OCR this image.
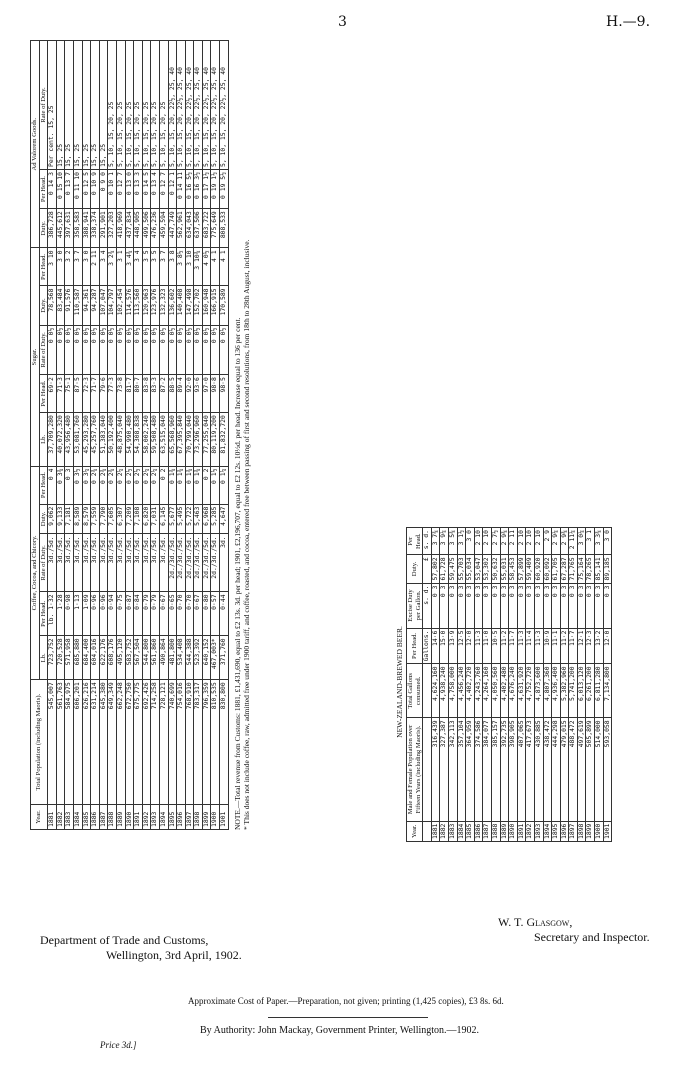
3	H.—9.
Year.	Total Population (including Maoris).	Coffee, Cocoa, and Chicory.					Sugar.					Ad Valorem Goods.		
		Lb.	Per Head.	Rate of Duty.	Duty.	Per Head.	Lb.	Per Head.	Rate of Duty.	Duty.	Per Head.	Duty.	Per Head.	Rate of Duty.
1881	545,007	723,752	lb. 1·32	3d./5d.	9,062	0 4	37,709,280	69·2	0 0½	78,568	3 10	386,728	0 14 3	Per cent. 15, 25
1882	561,763	720,528	1·28	3d./5d.	9,133	0 3¾	40,072,320	71·3	0 0½	83,484	3 0	445,612	0 15 10	15, 25
1883	584,975	571,958	0·98	3d./5d.	7,181	0 3	43,956,480	75·1	0 0½	91,576	3 2	397,631	0 13 7	15, 25
1884	606,201	685,880	1·13	3d./5d.	8,589	0 3½	53,081,760	87·5	0 0½	110,587	3 7	358,583	0 11 10	15, 25
1885	626,216	684,400	1·09	3d./5d.	8,579	0 3¼	45,293,280	72·3	0 0½	94,361	3 0	388,941	0 12 5	15, 25
1886	631,214	604,016	0·96	3d./5d.	7,559	0 2¾	45,257,760	71·7	0 0½	94,287	2 11	338,374	0 10 9	15, 25
1887	645,380	622,176	0·96	3d./5d.	7,790	0 2¾	51,383,040	79·6	0 0½	107,047	3 4	291,901	0 9 0	15, 25
1888	649,349	608,176	0·94	3d./5d.	7,605	0 2¾	50,192,400	77·3	0 0½	104,797	3 2¾	327,203	0 10 1	5, 10, 15, 20, 25
1889	662,248	495,120	0·75	3d./5d.	6,307	0 2¼	48,875,040	73·8	0 0½	102,454	3 1	418,969	0 12 7	5, 10, 15, 20, 25
1890	672,750	583,752	0·87	3d./5d.	7,209	0 2½	54,990,480	81·7	0 0½	114,576	3 4¾	437,834	0 13 0	5, 10, 15, 20, 25
1891	675,775	567,504	0·84	3d./5d.	7,108	0 2½	54,308,838	80·7	0 0½	113,560	3 4	448,905	0 13 3	5, 10, 15, 20, 25
1892	692,426	544,800	0·79	3d./5d.	6,820	0 2¼	58,002,240	83·8	0 0½	120,963	3 5	499,506	0 14 5	5, 10, 15, 20, 25
1893	714,258	561,860	0·79	3d./5d.	7,031	0 2¼	59,508,480	83·3	0 0½	123,976	3 5	476,236	0 13 4	5, 10, 15, 20, 25
1894	728,121	490,864	0·67	3d./5d.	6,145	0 2	63,515,040	87·2	0 0½	132,323	3 7	459,594	0 12 7	5, 10, 15, 20, 25
1895	740,699	481,800	0·65	2d./3d./5d.	5,677	0 1¾	65,568,960	88·5	0 0½	136,602	3 8	447,749	0 12 1	5, 10, 15, 20, 22½, 25, 40
1896	754,016	534,408	0·70	2d./3d./5d.	5,495	0 1¾	67,395,840	89·4	0 0½	140,408	3 8½	562,961	0 14 11	5, 10, 15, 20, 22½, 25, 40
1897	768,910	544,388	0·70	2d./3d./5d.	5,722	0 1¾	70,799,040	92·0	0 0½	147,498	3 10	634,043	0 16 5½	5, 10, 15, 20, 22½, 25, 40
1898	783,317	523,392	0·67	2d./3d./5d.	5,463	0 1¾	73,296,960	93·6	0 0½	152,702	3 10¾	637,506	0 16 3½	5, 10, 15, 20, 22½, 25, 40
1899	796,359	640,152	0·80	2d./3d./5d.	6,968	0 2	77,255,040	97·0	0 0½	160,948	4 0½	683,722	0 17 1½	5, 10, 15, 20, 22½, 25, 40
1900	810,535	467,003*	0·57	2d./3d./5d.	5,285	0 1½	80,119,200	98·8	0 0½	166,915	4 1	775,649	0 19 1½	5, 10, 15, 20, 22½, 25, 40
1901	830,800	371,760	0·44	3d.	4,647	0 1¼	81,832,720	98·5	0 0½	170,589	4 1	808,533	0 19 5½	5, 10, 15, 20, 22½, 25, 40
NOTE.—Total revenue from Customs: 1881, £1,431,690, equal to £2 13s. 3d. per head; 1901, £2,196,707, equal to £2 12s. 10½d. per head. Increase equal to 136 per cent. * This does not include coffee, raw, admitted free under 1900 tariff, and coffee, roasted, and cocoa, entered free between passing of first and second resolutions, from 18th to 28th August, inclusive.	NEW-ZEALAND-BREWED BEER.
Year.	Male and Female Population over Fifteen Years (including Maoris).	Total Gallons consumed.	Per Head.	Excise Duty per Gallon.	Duty.	Per Head.
			Gallons.	s. d.	£	s. d.
1881	316,439	4,624,160	14·6	0 3	57,802	3 7¾
1882	327,387	4,938,240	15·0	0 3	61,728	3 9¼
1883	342,113	4,758,000	13·9	0 3	59,475	3 5¾
1884	357,104	4,456,240	12·5	0 3	55,703	3 1½
1885	364,959	4,402,720	12·0	0 3	55,034	3 0
1886	374,586	4,243,760	11·3	0 3	53,047	2 10
1887	384,077	4,264,160	11·0	0 3	53,302	2 10
1888	385,157	4,050,560	10·5	0 3	50,632	2 7½
1889	392,735	4,402,480	11·2	0 3	55,031	2 9¾
1890	398,905	4,676,240	11·7	0 3	58,453	2 11
1891	407,065	4,631,920	11·3	0 3	57,899	2 10
1892	417,673	4,752,720	11·4	0 3	59,409	2 10
1893	430,885	4,873,600	11·3	0 3	60,920	2 10
1894	438,472	4,807,360	10·9	0 3	60,092	2 9
1895	444,298	4,936,400	11·1	0 3	61,705	2 9¼
1896	479,015	5,382,960	11·2	0 3	67,287	2 9¾
1897	488,472	5,741,200	11·7	0 3	71,765	2 11¼
1898	497,619	6,013,120	12·1	0 3	75,164	3 0¼
1899	505,899	6,261,200	12·3	0 3	78,265	3 1
1900	514,000	6,811,280	13·2	0 3	85,141	3 3¾
1901	593,058	7,134,800	12·0	0 3	89,185	3 0
W. T. Glasgow,
Secretary and Inspector.
Department of Trade and Customs,
Wellington, 3rd April, 1902.
Approximate Cost of Paper.—Preparation, not given; printing (1,425 copies), £3 8s. 6d.
By Authority: John Mackay, Government Printer, Wellington.—1902.
Price 3d.]
